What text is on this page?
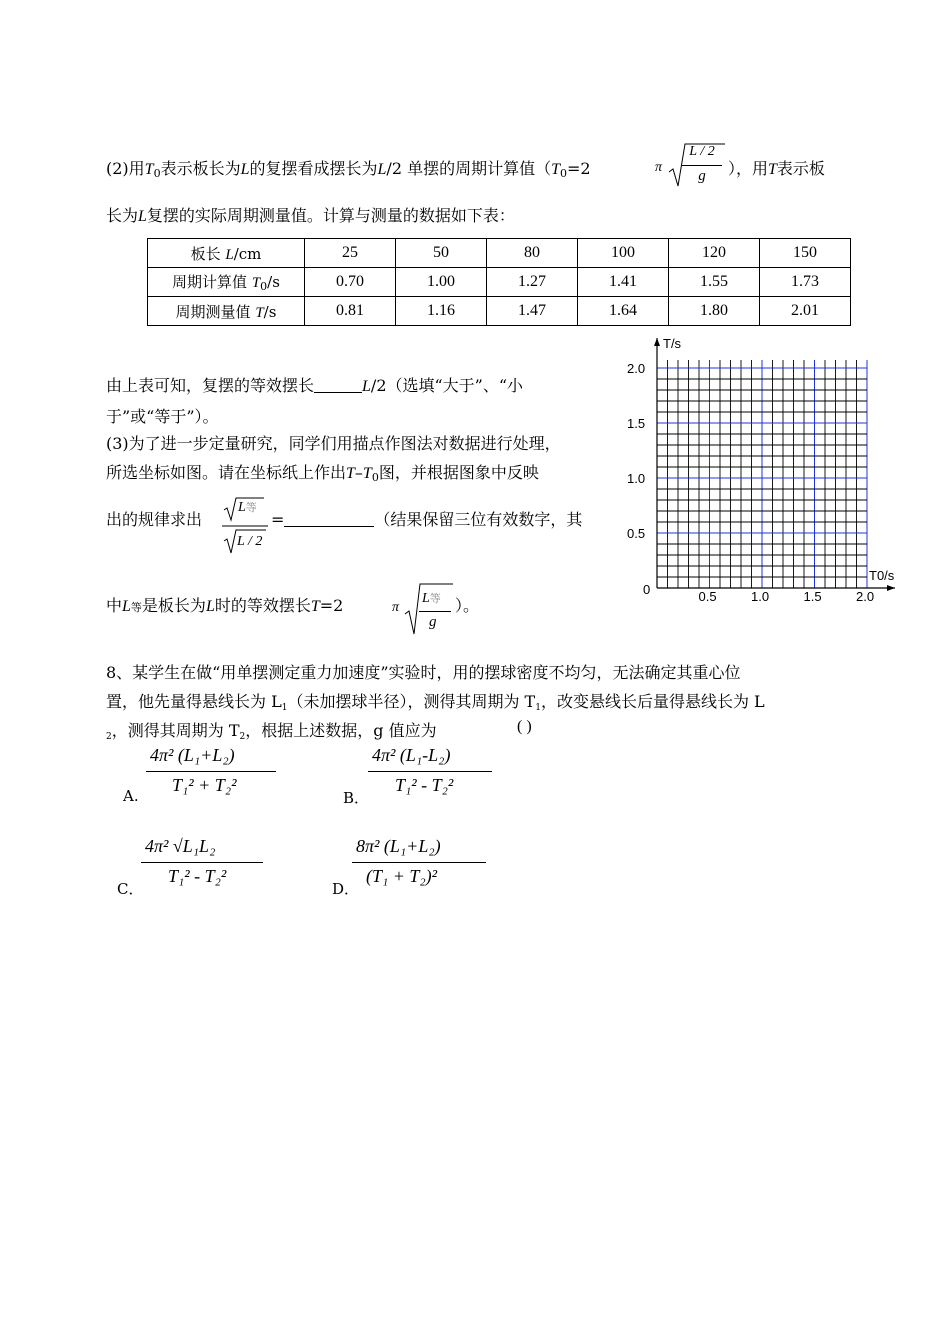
(2)用$T_0$表示板长为L的复摆看成摆长为L/2 单摆的周期计算值（$T_0=2$	π
L / 2
g	），用T表示板
长为L复摆的实际周期测量值。计算与测量的数据如下表：
板长 L/cm	25	50	80	100	120	150
周期计算值 $T_0/s$	0.70	1.00	1.27	1.41	1.55	1.73
周期测量值 T/s	0.81	1.16	1.47	1.64	1.80	2.01
由上表可知，复摆的等效摆长	L/2（选填“大于”、“小
于”或“等于”）。
(3)为了进一步定量研究，同学们用描点作图法对数据进行处理，
所选坐标如图。请在坐标纸上作出$T-T_0$图，并根据图象中反映
出的规律求出
L等
L / 2
=	（结果保留三位有效数字，其
中L等是板长为L时的等效摆长T=2	π
L等
g
）。
T/s
T0/s
0	0.5	1.0	1.5	2.0
2.0
1.5
1.0
0.5
8、某学生在做“用单摆测定重力加速度”实验时，用的摆球密度不均匀，无法确定其重心位
置，他先量得悬线长为 $L_1$（未加摆球半径），测得其周期为 $T_1$，改变悬线长后量得悬线长为 L
$_2$，测得其周期为 $T_2$，根据上述数据，g 值应为	( )
A.
4π² (L₁+L₂)
T₁² + T₂²
B．
4π² (L₁-L₂)
T₁² - T₂²
C．
4π² √L₁L₂
T₁² - T₂²
D．
8π² (L₁+L₂)
(T₁ + T₂)²
